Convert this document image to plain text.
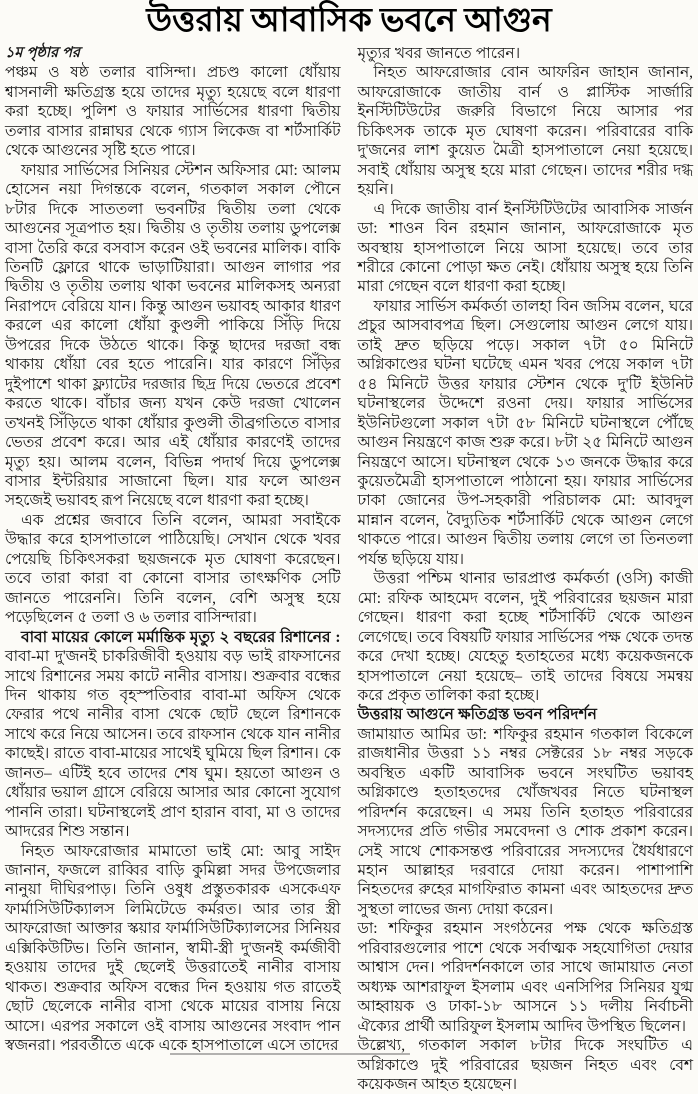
উত্তরায় আবাসিক ভবনে আগুন

১ম পৃষ্ঠার পর

পঞ্চম ও ষষ্ঠ তলার বাসিন্দা। প্রচণ্ড কালো ধোঁয়ায় শ্বাসনালী ক্ষতিগ্রস্ত হয়ে তাদের মৃত্যু হয়েছে বলে ধারণা করা হচ্ছে। পুলিশ ও ফায়ার সার্ভিসের ধারণা দ্বিতীয় তলার বাসার রান্নাঘর থেকে গ্যাস লিকেজ বা শর্টসার্কিট থেকে আগুনের সৃষ্টি হতে পারে।

ফায়ার সার্ভিসের সিনিয়র স্টেশন অফিসার মো: আলম হোসেন নয়া দিগন্তকে বলেন, গতকাল সকাল পৌনে ৮টার দিকে সাততলা ভবনটির দ্বিতীয় তলা থেকে আগুনের সূত্রপাত হয়। দ্বিতীয় ও তৃতীয় তলায় ডুপলেক্স বাসা তৈরি করে বসবাস করেন ওই ভবনের মালিক। বাকি তিনটি ফ্লোরে থাকে ভাড়াটিয়ারা। আগুন লাগার পর দ্বিতীয় ও তৃতীয় তলায় থাকা ভবনের মালিকসহ অন্যরা নিরাপদে বেরিয়ে যান। কিন্তু আগুন ভয়াবহ আকার ধারণ করলে এর কালো ধোঁয়া কুণ্ডলী পাকিয়ে সিঁড়ি দিয়ে উপরের দিকে উঠতে থাকে। কিন্তু ছাদের দরজা বন্ধ থাকায় ধোঁয়া বের হতে পারেনি। যার কারণে সিঁড়ির দুইপাশে থাকা ফ্ল্যাটের দরজার ছিদ্র দিয়ে ভেতরে প্রবেশ করতে থাকে। বাঁচার জন্য যখন কেউ দরজা খোলেন তখনই সিঁড়িতে থাকা ধোঁয়ার কুণ্ডলী তীব্রগতিতে বাসার ভেতর প্রবেশ করে। আর এই ধোঁয়ার কারণেই তাদের মৃত্যু হয়। আলম বলেন, বিভিন্ন পদার্থ দিয়ে ডুপলেক্স বাসার ইন্টরিয়ার সাজানো ছিল। যার ফলে আগুন সহজেই ভয়াবহ রূপ নিয়েছে বলে ধারণা করা হচ্ছে।

এক প্রশ্নের জবাবে তিনি বলেন, আমরা সবাইকে উদ্ধার করে হাসপাতালে পাঠিয়েছি। সেখান থেকে খবর পেয়েছি চিকিৎসকরা ছয়জনকে মৃত ঘোষণা করেছেন। তবে তারা কারা বা কোনো বাসার তাৎক্ষণিক সেটি জানতে পারেননি। তিনি বলেন, বেশি অসুস্থ হয়ে পড়েছিলেন ৫ তলা ও ৬ তলার বাসিন্দারা।

বাবা মায়ের কোলে মর্মান্তিক মৃত্যু ২ বছরের রিশানের : বাবা-মা দু'জনই চাকরিজীবী হওয়ায় বড় ভাই রাফসানের সাথে রিশানের সময় কাটে নানীর বাসায়। শুক্রবার বন্ধের দিন থাকায় গত বৃহস্পতিবার বাবা-মা অফিস থেকে ফেরার পথে নানীর বাসা থেকে ছোট ছেলে রিশানকে সাথে করে নিয়ে আসেন। তবে রাফসান থেকে যান নানীর কাছেই। রাতে বাবা-মায়ের সাথেই ঘুমিয়ে ছিল রিশান। কে জানত– এটিই হবে তাদের শেষ ঘুম। হয়তো আগুন ও ধোঁয়ার ভয়াল গ্রাসে বেরিয়ে আসার আর কোনো সুযোগ পাননি তারা। ঘটনাস্থলেই প্রাণ হারান বাবা, মা ও তাদের আদরের শিশু সন্তান।

নিহত আফরোজার মামাতো ভাই মো: আবু সাইদ জানান, ফজলে রাব্বির বাড়ি কুমিল্লা সদর উপজেলার নানুয়া দীঘিরপাড়। তিনি ওষুধ প্রস্তুতকারক এসকেএফ ফার্মাসিউটিক্যালস লিমিটেডে কর্মরত। আর তার স্ত্রী আফরোজা আক্তার স্কয়ার ফার্মাসিউটিক্যালসের সিনিয়র এক্সিকিউটিভ। তিনি জানান, স্বামী-স্ত্রী দু'জনই কর্মজীবী হওয়ায় তাদের দুই ছেলেই উত্তরাতেই নানীর বাসায় থাকত। শুক্রবার অফিস বন্ধের দিন হওয়ায় গত রাতেই ছোট ছেলেকে নানীর বাসা থেকে মায়ের বাসায় নিয়ে আসে। এরপর সকালে ওই বাসায় আগুনের সংবাদ পান স্বজনরা। পরবর্তীতে একে একে হাসপাতালে এসে তাদের

মৃত্যুর খবর জানতে পারেন।

নিহত আফরোজার বোন আফরিন জাহান জানান, আফরোজাকে জাতীয় বার্ন ও প্লাস্টিক সার্জারি ইনস্টিটিউটের জরুরি বিভাগে নিয়ে আসার পর চিকিৎসক তাকে মৃত ঘোষণা করেন। পরিবারের বাকি দু'জনের লাশ কুয়েত মৈত্রী হাসপাতালে নেয়া হয়েছে। সবাই ধোঁয়ায় অসুস্থ হয়ে মারা গেছেন। তাদের শরীর দগ্ধ হয়নি।

এ দিকে জাতীয় বার্ন ইনস্টিটিউটের আবাসিক সার্জন ডা: শাওন বিন রহমান জানান, আফরোজাকে মৃত অবস্থায় হাসপাতালে নিয়ে আসা হয়েছে। তবে তার শরীরে কোনো পোড়া ক্ষত নেই। ধোঁয়ায় অসুস্থ হয়ে তিনি মারা গেছেন বলে ধারণা করা হচ্ছে।

ফায়ার সার্ভিস কর্মকর্তা তালহা বিন জসিম বলেন, ঘরে প্রচুর আসবাবপত্র ছিল। সেগুলোয় আগুন লেগে যায়। তাই দ্রুত ছড়িয়ে পড়ে। সকাল ৭টা ৫০ মিনিটে অগ্নিকাণ্ডের ঘটনা ঘটেছে এমন খবর পেয়ে সকাল ৭টা ৫৪ মিনিটে উত্তর ফায়ার স্টেশন থেকে দু'টি ইউনিট ঘটনাস্থলের উদ্দেশে রওনা দেয়। ফায়ার সার্ভিসের ইউনিটগুলো সকাল ৭টা ৫৮ মিনিটে ঘটনাস্থলে পৌঁছে আগুন নিয়ন্ত্রণে কাজ শুরু করে। ৮টা ২৫ মিনিটে আগুন নিয়ন্ত্রণে আসে। ঘটনাস্থল থেকে ১৩ জনকে উদ্ধার করে কুয়েতমৈত্রী হাসপাতালে পাঠানো হয়। ফায়ার সার্ভিসের ঢাকা জোনের উপ-সহকারী পরিচালক মো: আবদুল মান্নান বলেন, বৈদ্যুতিক শর্টসার্কিট থেকে আগুন লেগে থাকতে পারে। আগুন দ্বিতীয় তলায় লেগে তা তিনতলা পর্যন্ত ছড়িয়ে যায়।

উত্তরা পশ্চিম থানার ভারপ্রাপ্ত কর্মকর্তা (ওসি) কাজী মো: রফিক আহমেদ বলেন, দুই পরিবারের ছয়জন মারা গেছেন। ধারণা করা হচ্ছে শর্টসার্কিট থেকে আগুন লেগেছে। তবে বিষয়টি ফায়ার সার্ভিসের পক্ষ থেকে তদন্ত করে দেখা হচ্ছে। যেহেতু হতাহতের মধ্যে কয়েকজনকে হাসপাতালে নেয়া হয়েছে– তাই তাদের বিষয়ে সমন্বয় করে প্রকৃত তালিকা করা হচ্ছে।

উত্তরায় আগুনে ক্ষতিগ্রস্ত ভবন পরিদর্শন

জামায়াত আমির ডা: শফিকুর রহমান গতকাল বিকেলে রাজধানীর উত্তরা ১১ নম্বর সেক্টরের ১৮ নম্বর সড়কে অবস্থিত একটি আবাসিক ভবনে সংঘটিত ভয়াবহ অগ্নিকাণ্ডে হতাহতদের খোঁজখবর নিতে ঘটনাস্থল পরিদর্শন করেছেন। এ সময় তিনি হতাহত পরিবারের সদস্যদের প্রতি গভীর সমবেদনা ও শোক প্রকাশ করেন। সেই সাথে শোকসন্তপ্ত পরিবারের সদস্যদের ধৈর্যধারণে মহান আল্লাহর দরবারে দোয়া করেন। পাশাপাশি নিহতদের রুহের মাগফিরাত কামনা এবং আহতদের দ্রুত সুস্থতা লাভের জন্য দোয়া করেন।

ডা: শফিকুর রহমান সংগঠনের পক্ষ থেকে ক্ষতিগ্রস্ত পরিবারগুলোর পাশে থেকে সর্বাত্মক সহযোগিতা দেয়ার আশ্বাস দেন। পরিদর্শনকালে তার সাথে জামায়াত নেতা অধ্যক্ষ আশরাফুল ইসলাম এবং এনসিপির সিনিয়র যুগ্ম আহ্বায়ক ও ঢাকা-১৮ আসনে ১১ দলীয় নির্বাচনী ঐক্যের প্রার্থী আরিফুল ইসলাম আদিব উপস্থিত ছিলেন।

উল্লেখ্য, গতকাল সকাল ৮টার দিকে সংঘটিত এ অগ্নিকাণ্ডে দুই পরিবারের ছয়জন নিহত এবং বেশ কয়েকজন আহত হয়েছেন।
